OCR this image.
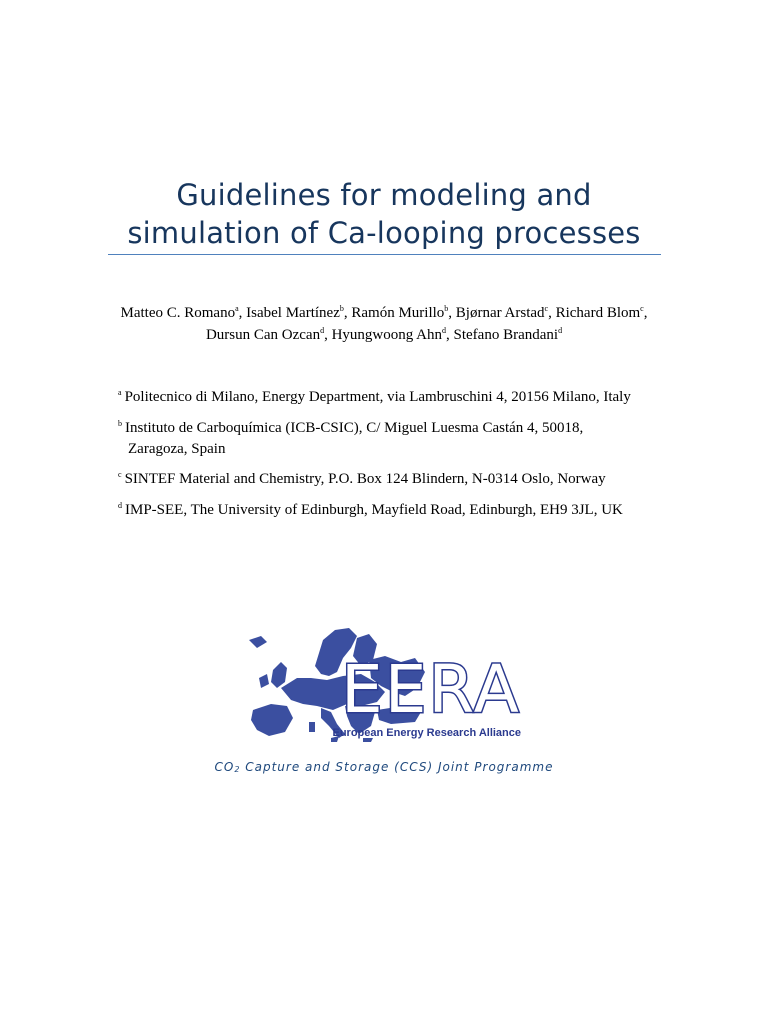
Guidelines for modeling and
simulation of Ca-looping processes
Matteo C. Romano$^a$, Isabel Martínez$^b$, Ramón Murillo$^b$, Bjørnar Arstad$^c$, Richard Blom$^c$, Dursun Can Ozcan$^d$, Hyungwoong Ahn$^d$, Stefano Brandani$^d$
$^a$ Politecnico di Milano, Energy Department, via Lambruschini 4, 20156 Milano, Italy
$^b$ Instituto de Carboquímica (ICB-CSIC), C/ Miguel Luesma Castán 4, 50018,
Zaragoza, Spain
$^c$ SINTEF Material and Chemistry, P.O. Box 124 Blindern, N-0314 Oslo, Norway
$^d$ IMP-SEE, The University of Edinburgh, Mayfield Road, Edinburgh, EH9 3JL, UK
EERA
European Energy Research Alliance
$CO_2$ Capture and Storage (CCS) Joint Programme
